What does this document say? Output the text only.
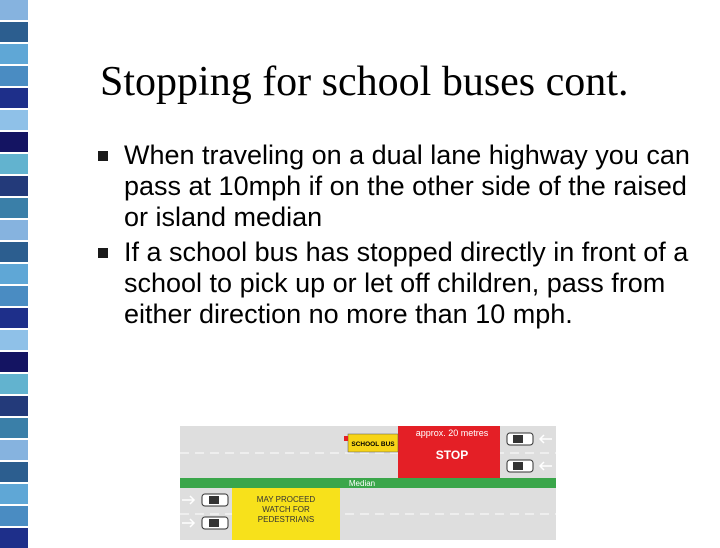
Stopping for school buses cont.
When traveling on a dual lane highway you can pass at 10mph if on the other side of the raised or island median
If a school bus has stopped directly in front of a school to pick up or let off children, pass from either direction no more than 10 mph.
approx. 20 metres
STOP
SCHOOL BUS
Median
MAY PROCEED
WATCH FOR
PEDESTRIANS
